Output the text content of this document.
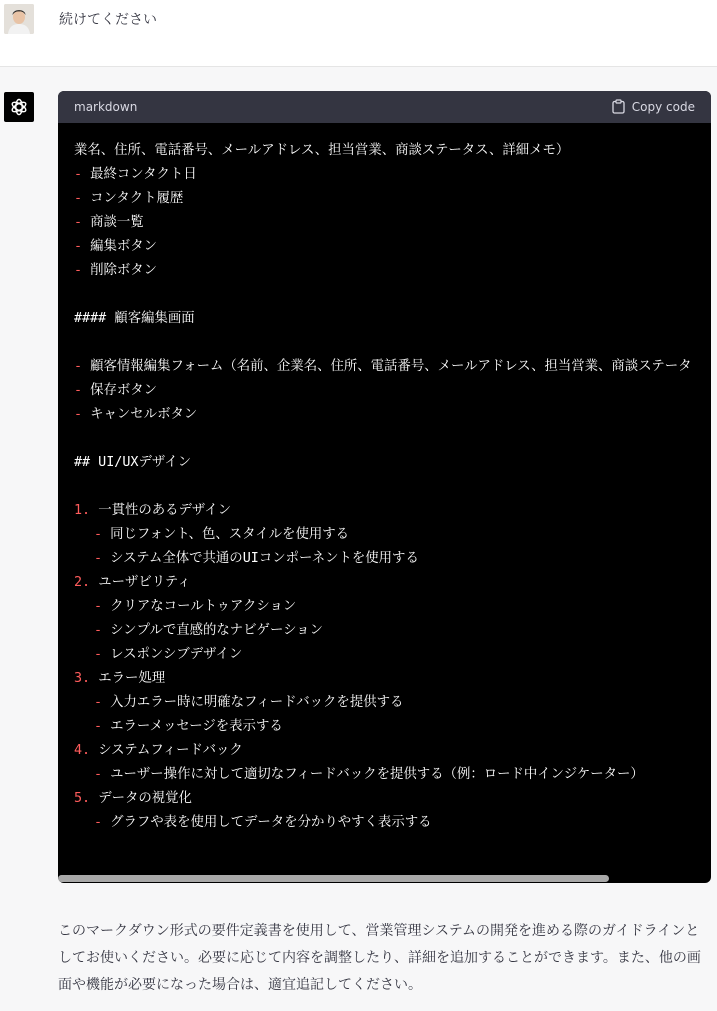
続けてください
markdown	Copy code
業名、住所、電話番号、メールアドレス、担当営業、商談ステータス、詳細メモ）
- 最終コンタクト日
- コンタクト履歴
- 商談一覧
- 編集ボタン
- 削除ボタン
#### 顧客編集画面
- 顧客情報編集フォーム（名前、企業名、住所、電話番号、メールアドレス、担当営業、商談ステータ
- 保存ボタン
- キャンセルボタン
## UI/UXデザイン
1. 一貫性のあるデザイン
- 同じフォント、色、スタイルを使用する
- システム全体で共通のUIコンポーネントを使用する
2. ユーザビリティ
- クリアなコールトゥアクション
- シンプルで直感的なナビゲーション
- レスポンシブデザイン
3. エラー処理
- 入力エラー時に明確なフィードバックを提供する
- エラーメッセージを表示する
4. システムフィードバック
- ユーザー操作に対して適切なフィードバックを提供する（例：ロード中インジケーター）
5. データの視覚化
- グラフや表を使用してデータを分かりやすく表示する
このマークダウン形式の要件定義書を使用して、営業管理システムの開発を進める際のガイドラインとしてお使いください。必要に応じて内容を調整したり、詳細を追加することができます。また、他の画面や機能が必要になった場合は、適宜追記してください。
